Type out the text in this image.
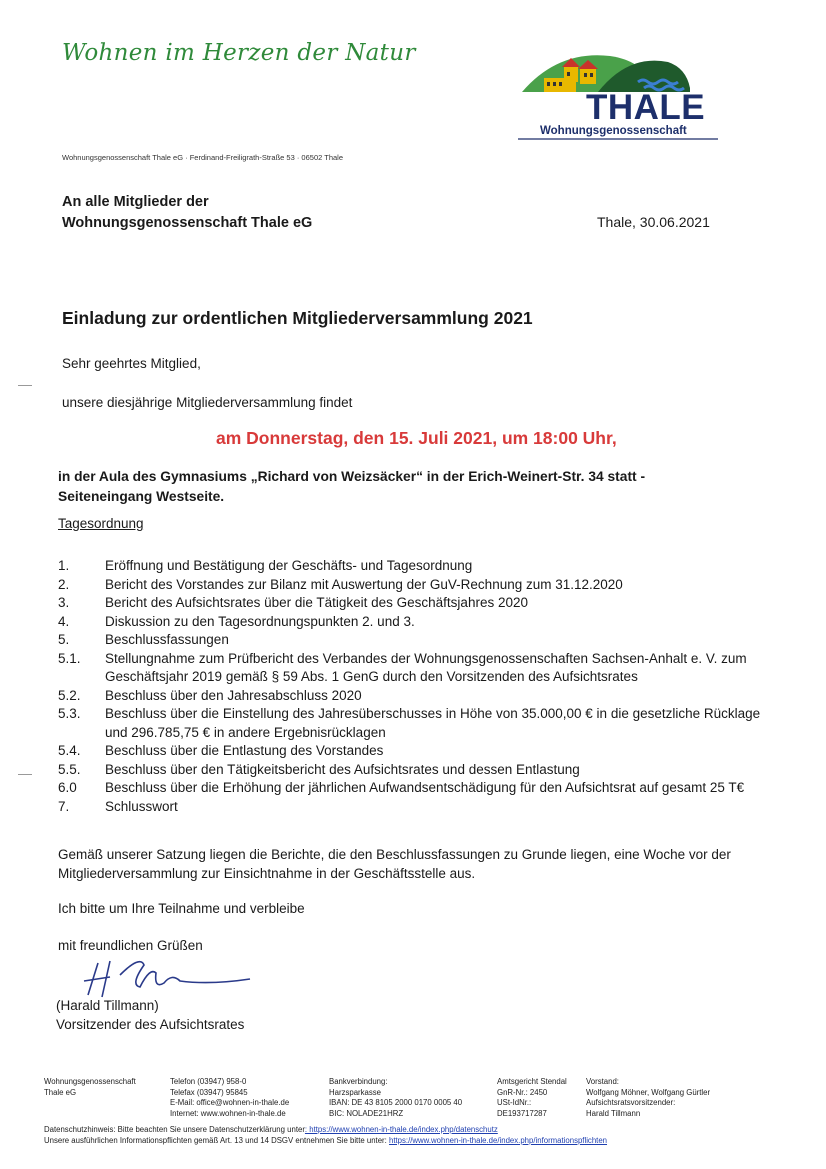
Wohnen im Herzen der Natur
THALE
Wohnungsgenossenschaft
Wohnungsgenossenschaft Thale eG · Ferdinand-Freiligrath-Straße 53 · 06502 Thale
An alle Mitglieder der
Wohnungsgenossenschaft Thale eG	Thale, 30.06.2021
Einladung zur ordentlichen Mitgliederversammlung 2021
Sehr geehrtes Mitglied,
unsere diesjährige Mitgliederversammlung findet
am Donnerstag, den 15. Juli 2021, um 18:00 Uhr,
in der Aula des Gymnasiums „Richard von Weizsäcker“ in der Erich-Weinert-Str. 34 statt - Seiteneingang Westseite.
Tagesordnung
1.	Eröffnung und Bestätigung der Geschäfts- und Tagesordnung
2.	Bericht des Vorstandes zur Bilanz mit Auswertung der GuV-Rechnung zum 31.12.2020
3.	Bericht des Aufsichtsrates über die Tätigkeit des Geschäftsjahres 2020
4.	Diskussion zu den Tagesordnungspunkten 2. und 3.
5.	Beschlussfassungen
5.1.	Stellungnahme zum Prüfbericht des Verbandes der Wohnungsgenossenschaften Sachsen-Anhalt e. V. zum Geschäftsjahr 2019 gemäß § 59 Abs. 1 GenG durch den Vorsitzenden des Aufsichtsrates
5.2.	Beschluss über den Jahresabschluss 2020
5.3.	Beschluss über die Einstellung des Jahresüberschusses in Höhe von 35.000,00 € in die gesetzliche Rücklage und 296.785,75 € in andere Ergebnisrücklagen
5.4.	Beschluss über die Entlastung des Vorstandes
5.5.	Beschluss über den Tätigkeitsbericht des Aufsichtsrates und dessen Entlastung
6.0	Beschluss über die Erhöhung der jährlichen Aufwandsentschädigung für den Aufsichtsrat auf gesamt 25 T€
7.	Schlusswort
Gemäß unserer Satzung liegen die Berichte, die den Beschlussfassungen zu Grunde liegen, eine Woche vor der Mitgliederversammlung zur Einsichtnahme in der Geschäftsstelle aus.
Ich bitte um Ihre Teilnahme und verbleibe
mit freundlichen Grüßen
(Harald Tillmann)
Vorsitzender des Aufsichtsrates
Wohnungsgenossenschaft
Thale eG
Telefon (03947) 958-0
Telefax (03947) 95845
E-Mail: office@wohnen-in-thale.de
Internet: www.wohnen-in-thale.de
Bankverbindung:
Harzsparkasse
IBAN: DE 43 8105 2000 0170 0005 40
BIC: NOLADE21HRZ
Amtsgericht Stendal
GnR-Nr.: 2450
USt-IdNr.:
DE193717287
Vorstand:
Wolfgang Möhner, Wolfgang Gürtler
Aufsichtsratsvorsitzender:
Harald Tillmann
Datenschutzhinweis: Bitte beachten Sie unsere Datenschutzerklärung unter: https://www.wohnen-in-thale.de/index.php/datenschutz
Unsere ausführlichen Informationspflichten gemäß Art. 13 und 14 DSGV entnehmen Sie bitte unter: https://www.wohnen-in-thale.de/index.php/informationspflichten
